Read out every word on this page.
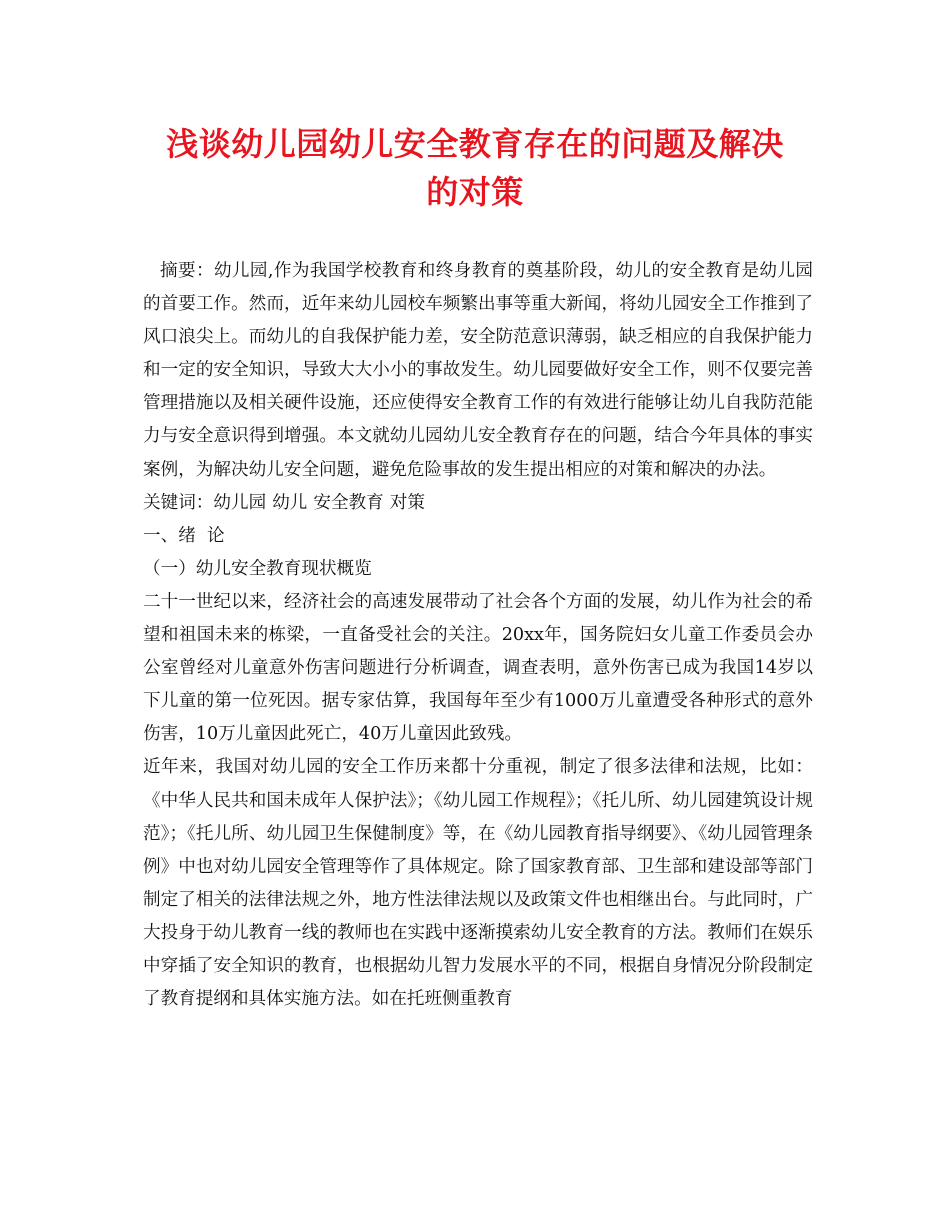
浅谈幼儿园幼儿安全教育存在的问题及解决
的对策

摘要：幼儿园,作为我国学校教育和终身教育的奠基阶段，幼儿的安全教育是幼儿园的首要工作。然而，近年来幼儿园校车频繁出事等重大新闻，将幼儿园安全工作推到了风口浪尖上。而幼儿的自我保护能力差，安全防范意识薄弱，缺乏相应的自我保护能力和一定的安全知识，导致大大小小的事故发生。幼儿园要做好安全工作，则不仅要完善管理措施以及相关硬件设施，还应使得安全教育工作的有效进行能够让幼儿自我防范能力与安全意识得到增强。本文就幼儿园幼儿安全教育存在的问题，结合今年具体的事实案例，为解决幼儿安全问题，避免危险事故的发生提出相应的对策和解决的办法。

关键词：幼儿园 幼儿 安全教育 对策

一、绪  论

（一）幼儿安全教育现状概览

二十一世纪以来，经济社会的高速发展带动了社会各个方面的发展，幼儿作为社会的希望和祖国未来的栋梁，一直备受社会的关注。20xx年，国务院妇女儿童工作委员会办公室曾经对儿童意外伤害问题进行分析调查，调查表明，意外伤害已成为我国14岁以下儿童的第一位死因。据专家估算，我国每年至少有1000万儿童遭受各种形式的意外伤害，10万儿童因此死亡，40万儿童因此致残。

近年来，我国对幼儿园的安全工作历来都十分重视，制定了很多法律和法规，比如：《中华人民共和国未成年人保护法》；《幼儿园工作规程》；《托儿所、幼儿园建筑设计规范》；《托儿所、幼儿园卫生保健制度》等，在《幼儿园教育指导纲要》、《幼儿园管理条例》中也对幼儿园安全管理等作了具体规定。除了国家教育部、卫生部和建设部等部门制定了相关的法律法规之外，地方性法律法规以及政策文件也相继出台。与此同时，广大投身于幼儿教育一线的教师也在实践中逐渐摸索幼儿安全教育的方法。教师们在娱乐中穿插了安全知识的教育，也根据幼儿智力发展水平的不同，根据自身情况分阶段制定了教育提纲和具体实施方法。如在托班侧重教育
